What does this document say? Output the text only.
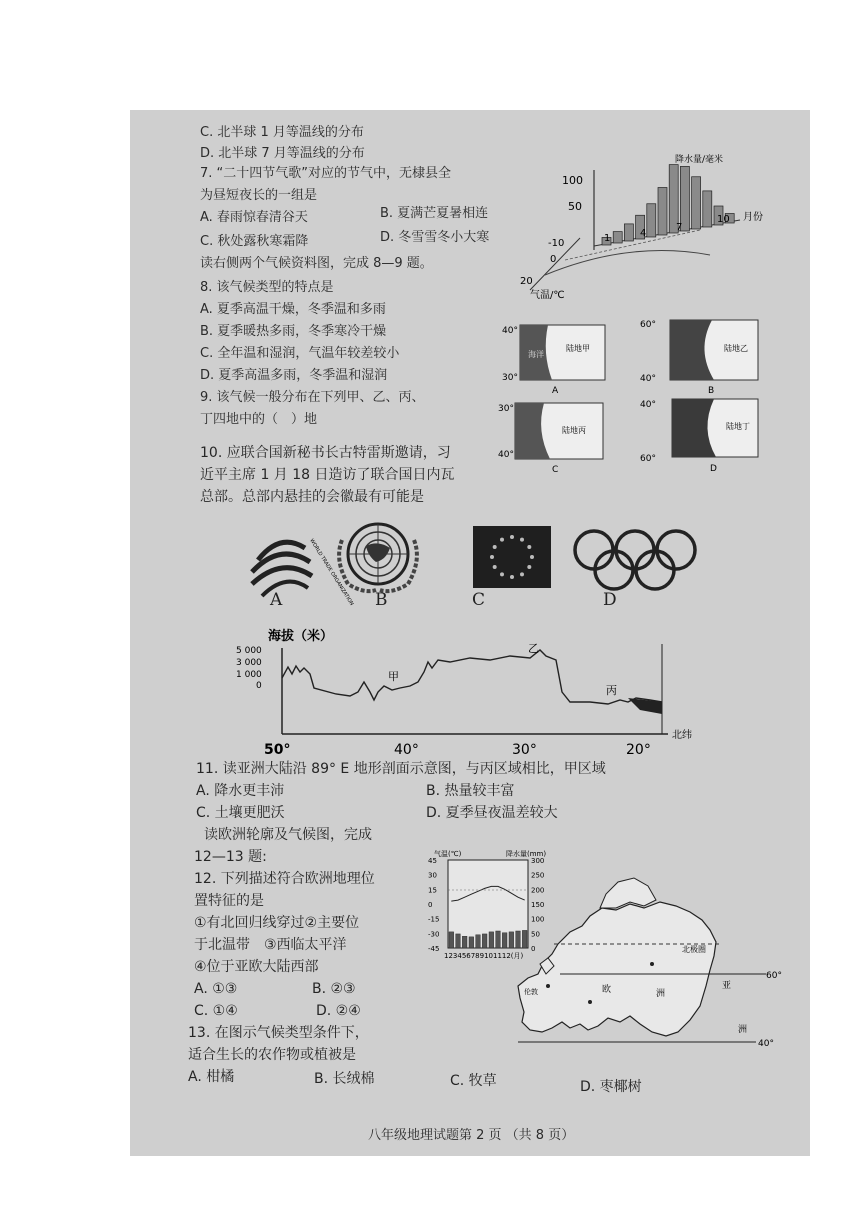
C. 北半球 1 月等温线的分布
D. 北半球 7 月等温线的分布
7. “二十四节气歌”对应的节气中，无棣县全
为昼短夜长的一组是
A. 春雨惊春清谷天	B. 夏满芒夏暑相连
C. 秋处露秋寒霜降	D. 冬雪雪冬小大寒
读右侧两个气候资料图，完成 8—9 题。
8. 该气候类型的特点是
A. 夏季高温干燥，冬季温和多雨
B. 夏季暖热多雨，冬季寒冷干燥
C. 全年温和湿润，气温年较差较小
D. 夏季高温多雨，冬季温和湿润
9. 该气候一般分布在下列甲、乙、丙、
丁四地中的（　）地
10. 应联合国新秘书长古特雷斯邀请，习
近平主席 1 月 18 日造访了联合国日内瓦
总部。总部内悬挂的会徽最有可能是
降水量/毫米
100
50
1	4
7
10 月份
-10
0
20
气温/℃
40°
30°
海洋
陆地甲
A
60°
40°
陆地乙
B
30°
40°
陆地丙
C
40°
60°
陆地丁
D
WORLD TRADE ORGANIZATION
A	B	C	D
海拔（米）
5 000
3 000
1 000
0
甲
乙
丙
北纬
50°	40°	30°	20°
11. 读亚洲大陆沿 89° E 地形剖面示意图，与丙区域相比，甲区域
A. 降水更丰沛	B. 热量较丰富
C. 土壤更肥沃	D. 夏季昼夜温差较大
读欧洲轮廓及气候图，完成
12—13 题:
12. 下列描述符合欧洲地理位
置特征的是
①有北回归线穿过②主要位
于北温带　③西临太平洋
④位于亚欧大陆西部
A. ①③	B. ②③
C. ①④	D. ②④
13. 在图示气候类型条件下，
适合生长的农作物或植被是
A. 柑橘	B. 长绒棉	C. 牧草	D. 枣椰树
气温(℃)	降水量(mm)
45
30
15
0
-15
-30
-45
300
250
200
150
100
50
0
123456789101112(月)
北极圈
60°
40°
伦敦	欧	洲
亚
洲
八年级地理试题第 2 页 （共 8 页）
